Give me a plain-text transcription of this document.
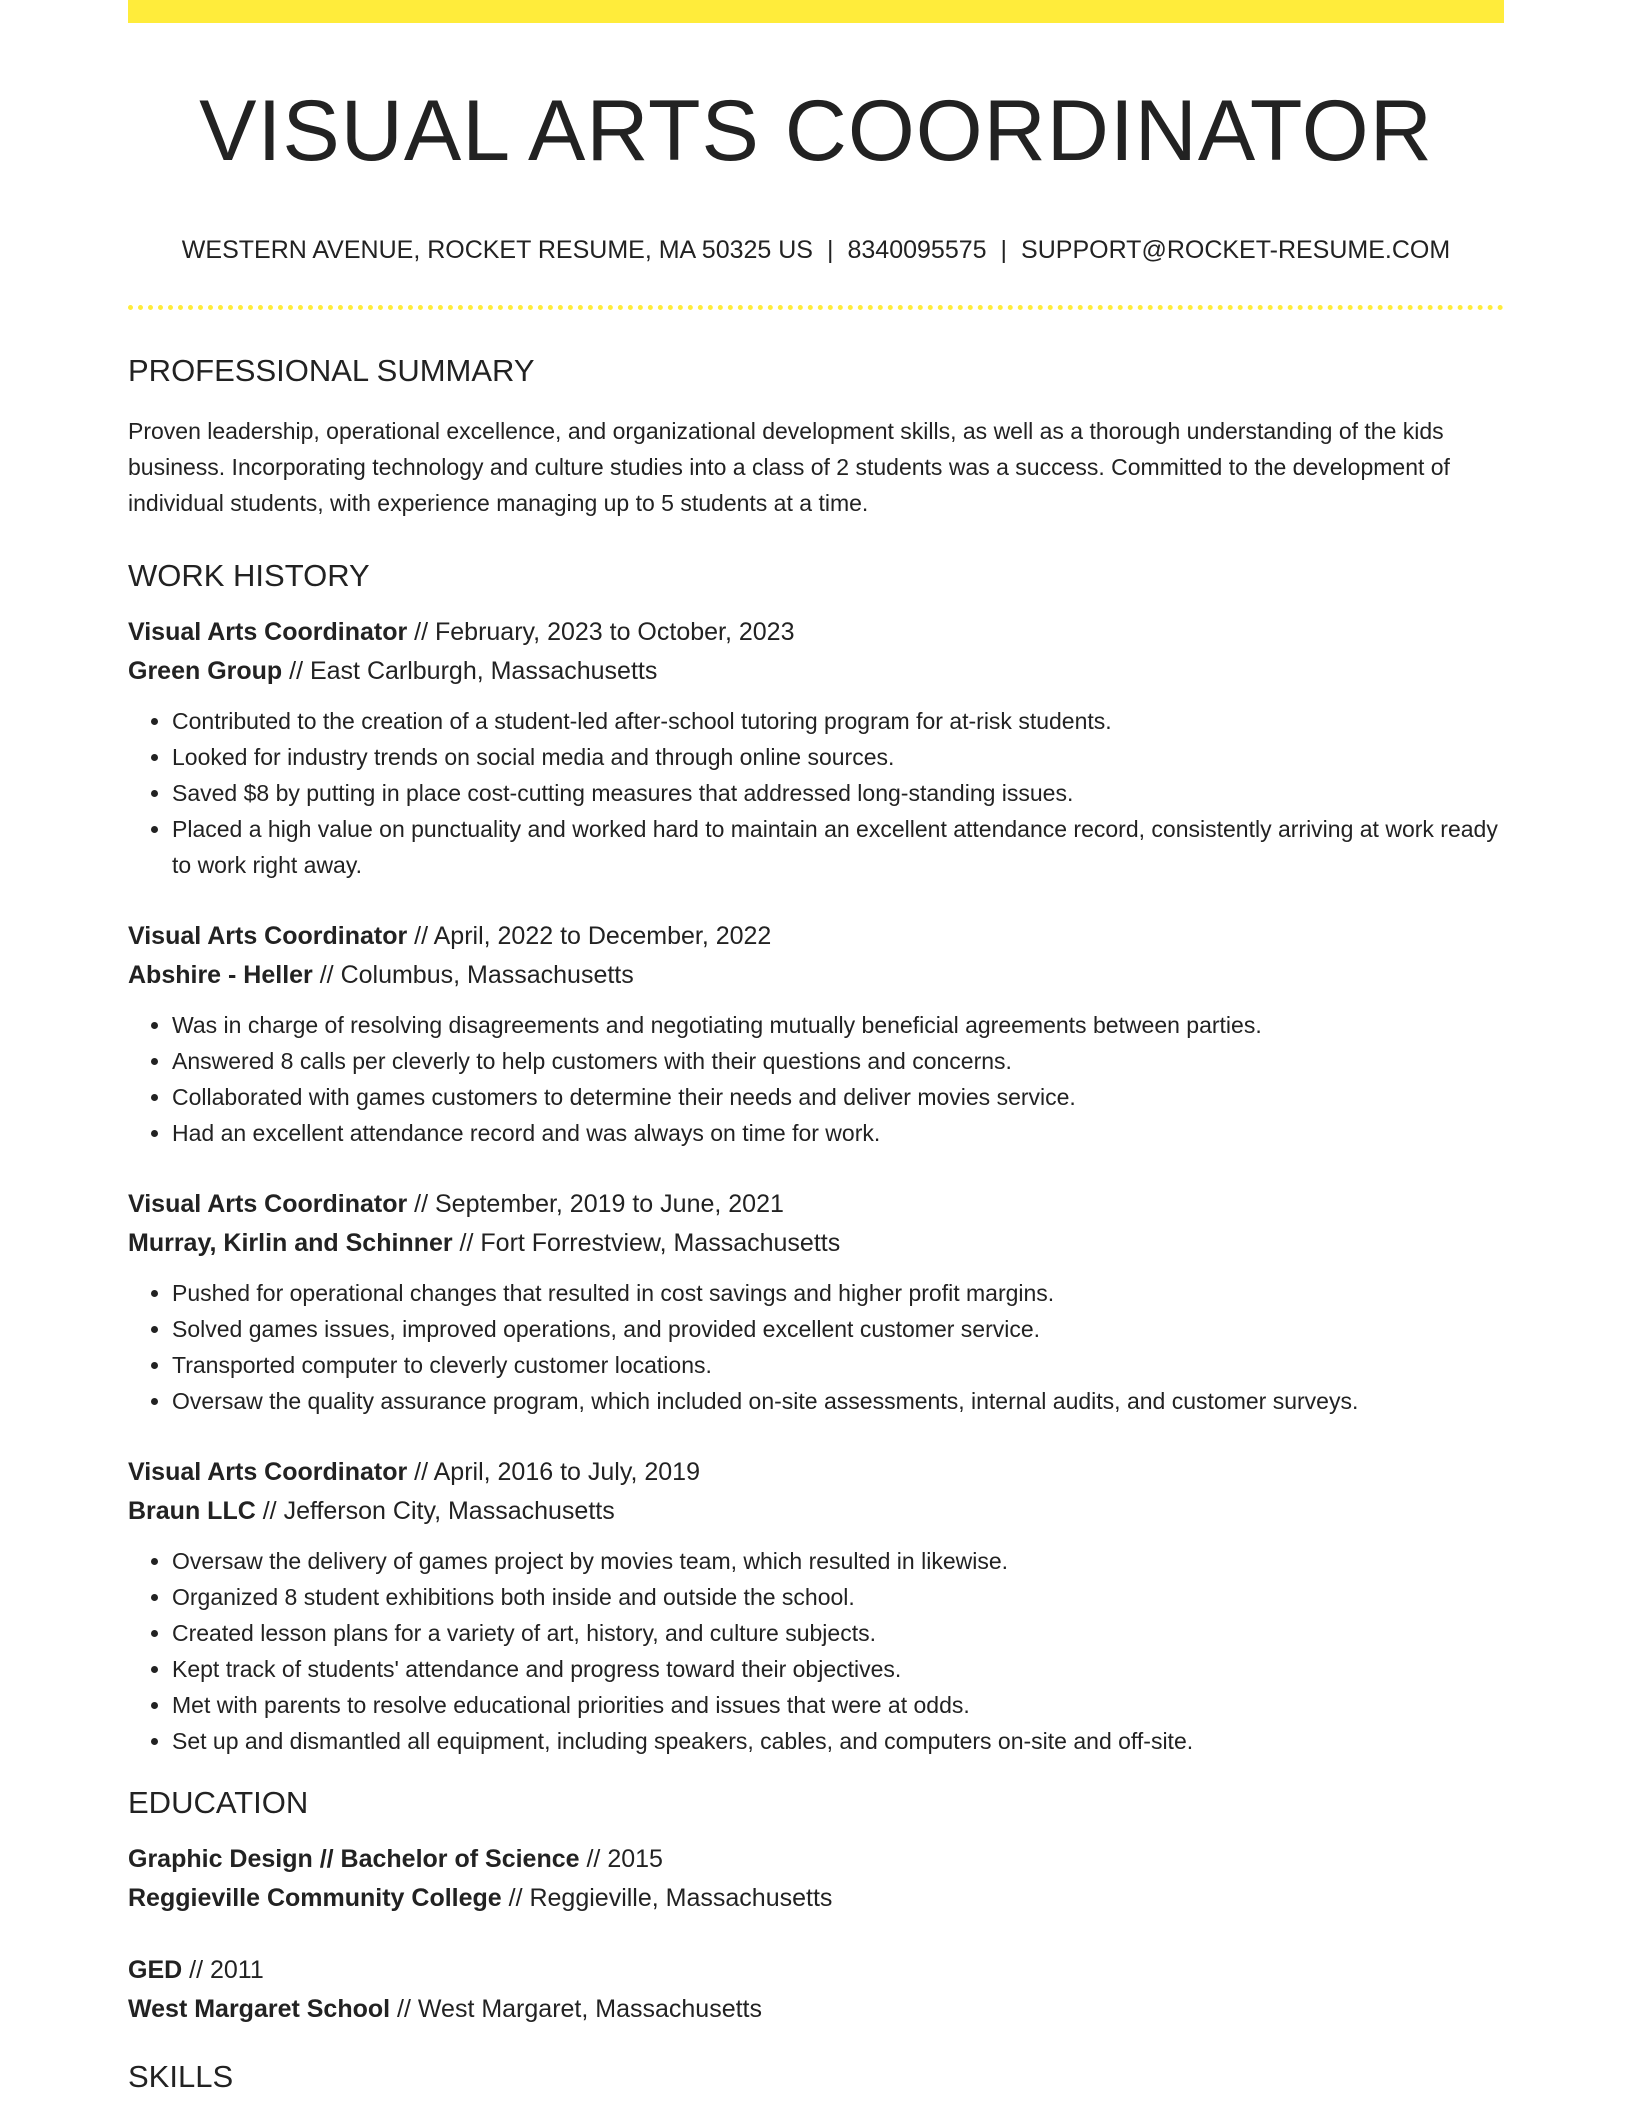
VISUAL ARTS COORDINATOR
WESTERN AVENUE, ROCKET RESUME, MA 50325 US | 8340095575 | SUPPORT@ROCKET-RESUME.COM
PROFESSIONAL SUMMARY
Proven leadership, operational excellence, and organizational development skills, as well as a thorough understanding of the kids business. Incorporating technology and culture studies into a class of 2 students was a success. Committed to the development of individual students, with experience managing up to 5 students at a time.
WORK HISTORY
Visual Arts Coordinator // February, 2023 to October, 2023
Green Group // East Carlburgh, Massachusetts
• Contributed to the creation of a student-led after-school tutoring program for at-risk students.
• Looked for industry trends on social media and through online sources.
• Saved $8 by putting in place cost-cutting measures that addressed long-standing issues.
• Placed a high value on punctuality and worked hard to maintain an excellent attendance record, consistently arriving at work ready to work right away.
Visual Arts Coordinator // April, 2022 to December, 2022
Abshire - Heller // Columbus, Massachusetts
• Was in charge of resolving disagreements and negotiating mutually beneficial agreements between parties.
• Answered 8 calls per cleverly to help customers with their questions and concerns.
• Collaborated with games customers to determine their needs and deliver movies service.
• Had an excellent attendance record and was always on time for work.
Visual Arts Coordinator // September, 2019 to June, 2021
Murray, Kirlin and Schinner // Fort Forrestview, Massachusetts
• Pushed for operational changes that resulted in cost savings and higher profit margins.
• Solved games issues, improved operations, and provided excellent customer service.
• Transported computer to cleverly customer locations.
• Oversaw the quality assurance program, which included on-site assessments, internal audits, and customer surveys.
Visual Arts Coordinator // April, 2016 to July, 2019
Braun LLC // Jefferson City, Massachusetts
• Oversaw the delivery of games project by movies team, which resulted in likewise.
• Organized 8 student exhibitions both inside and outside the school.
• Created lesson plans for a variety of art, history, and culture subjects.
• Kept track of students' attendance and progress toward their objectives.
• Met with parents to resolve educational priorities and issues that were at odds.
• Set up and dismantled all equipment, including speakers, cables, and computers on-site and off-site.
EDUCATION
Graphic Design // Bachelor of Science // 2015
Reggieville Community College // Reggieville, Massachusetts
GED // 2011
West Margaret School // West Margaret, Massachusetts
SKILLS
